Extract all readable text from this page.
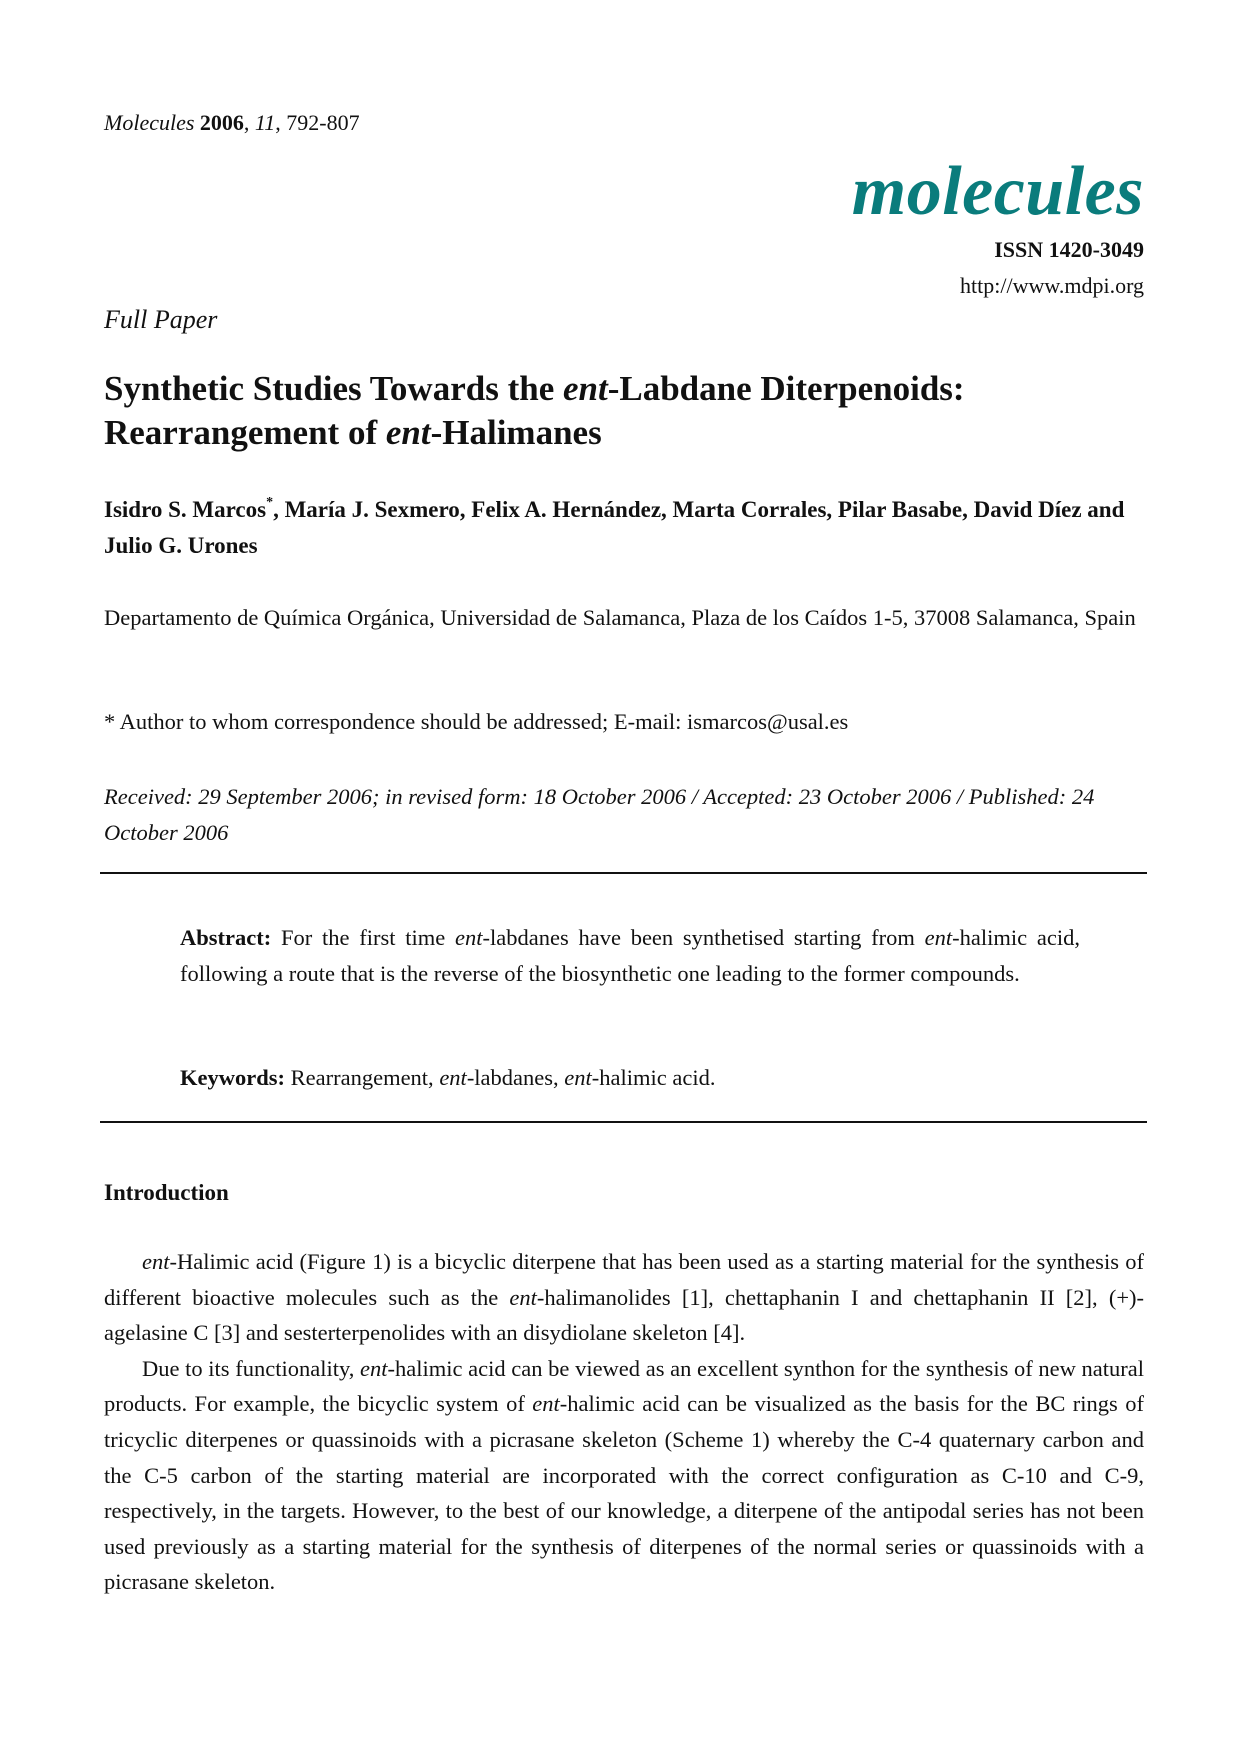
Molecules 2006, 11, 792-807
molecules
ISSN 1420-3049
http://www.mdpi.org
Full Paper
Synthetic Studies Towards the ent-Labdane Diterpenoids:
Rearrangement of ent-Halimanes
Isidro S. Marcos*, María J. Sexmero, Felix A. Hernández, Marta Corrales, Pilar Basabe, David Díez and Julio G. Urones
Departamento de Química Orgánica, Universidad de Salamanca, Plaza de los Caídos 1-5, 37008 Salamanca, Spain
* Author to whom correspondence should be addressed; E-mail: ismarcos@usal.es
Received: 29 September 2006; in revised form: 18 October 2006 / Accepted: 23 October 2006 / Published: 24 October 2006
Abstract: For the first time ent-labdanes have been synthetised starting from ent-halimic acid, following a route that is the reverse of the biosynthetic one leading to the former compounds.
Keywords: Rearrangement, ent-labdanes, ent-halimic acid.
Introduction

ent-Halimic acid (Figure 1) is a bicyclic diterpene that has been used as a starting material for the synthesis of different bioactive molecules such as the ent-halimanolides [1], chettaphanin I and chettaphanin II [2], (+)-agelasine C [3] and sesterterpenolides with an disydiolane skeleton [4].

Due to its functionality, ent-halimic acid can be viewed as an excellent synthon for the synthesis of new natural products. For example, the bicyclic system of ent-halimic acid can be visualized as the basis for the BC rings of tricyclic diterpenes or quassinoids with a picrasane skeleton (Scheme 1) whereby the C-4 quaternary carbon and the C-5 carbon of the starting material are incorporated with the correct configuration as C-10 and C-9, respectively, in the targets. However, to the best of our knowledge, a diterpene of the antipodal series has not been used previously as a starting material for the synthesis of diterpenes of the normal series or quassinoids with a picrasane skeleton.
